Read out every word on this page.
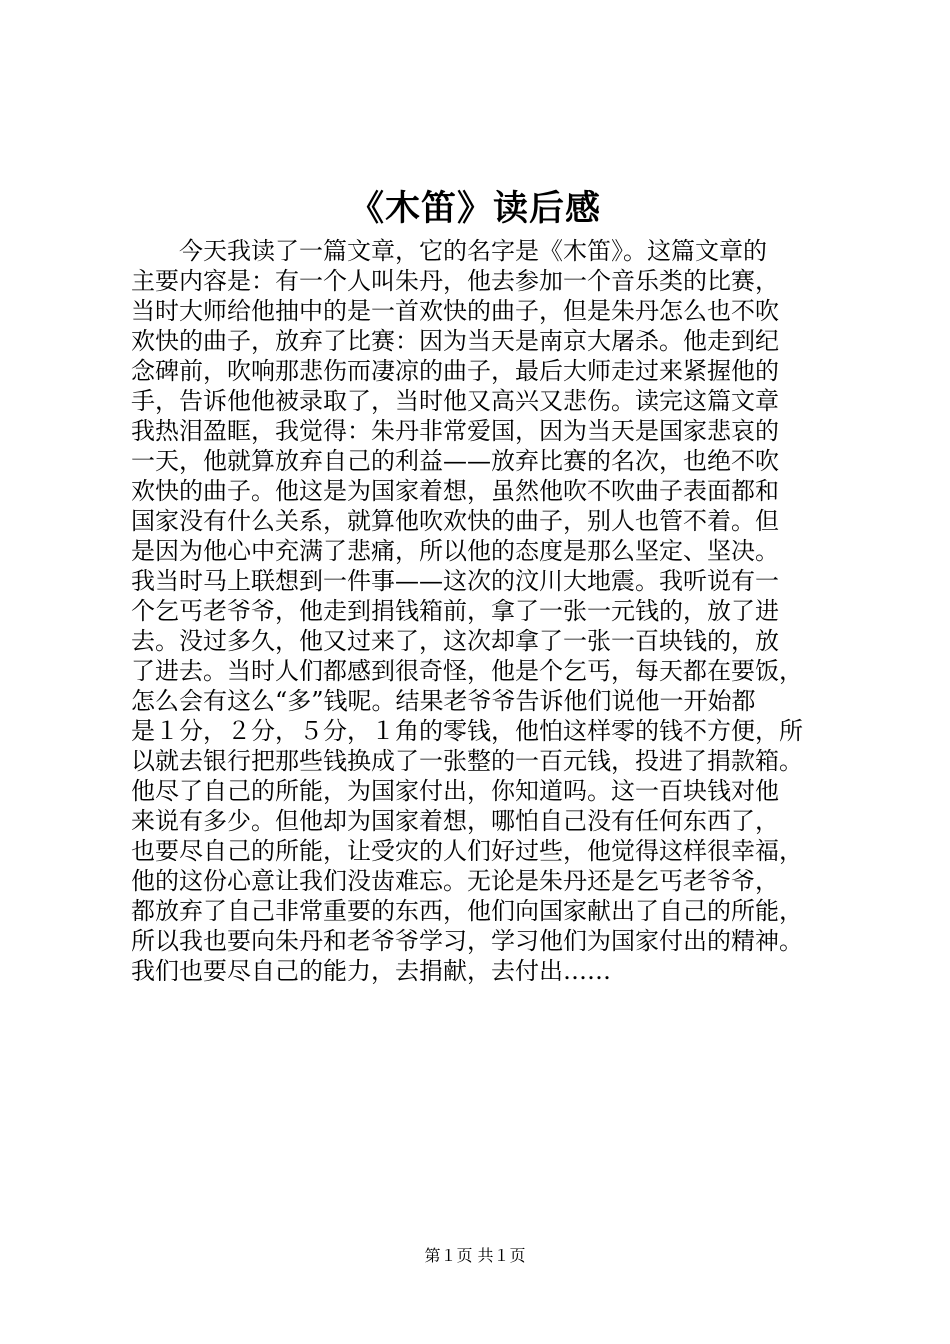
《木笛》读后感
今天我读了一篇文章，它的名字是《木笛》。这篇文章的
主要内容是：有一个人叫朱丹，他去参加一个音乐类的比赛，
当时大师给他抽中的是一首欢快的曲子，但是朱丹怎么也不吹
欢快的曲子，放弃了比赛：因为当天是南京大屠杀。他走到纪
念碑前，吹响那悲伤而凄凉的曲子，最后大师走过来紧握他的
手，告诉他他被录取了，当时他又高兴又悲伤。读完这篇文章
我热泪盈眶，我觉得：朱丹非常爱国，因为当天是国家悲哀的
一天，他就算放弃自己的利益——放弃比赛的名次，也绝不吹
欢快的曲子。他这是为国家着想，虽然他吹不吹曲子表面都和
国家没有什么关系，就算他吹欢快的曲子，别人也管不着。但
是因为他心中充满了悲痛，所以他的态度是那么坚定、坚决。
我当时马上联想到一件事——这次的汶川大地震。我听说有一
个乞丐老爷爷，他走到捐钱箱前，拿了一张一元钱的，放了进
去。没过多久，他又过来了，这次却拿了一张一百块钱的，放
了进去。当时人们都感到很奇怪，他是个乞丐，每天都在要饭，
怎么会有这么“多”钱呢。结果老爷爷告诉他们说他一开始都
是１分，２分，５分，１角的零钱，他怕这样零的钱不方便，所
以就去银行把那些钱换成了一张整的一百元钱，投进了捐款箱。
他尽了自己的所能，为国家付出，你知道吗。这一百块钱对他
来说有多少。但他却为国家着想，哪怕自己没有任何东西了，
也要尽自己的所能，让受灾的人们好过些，他觉得这样很幸福，
他的这份心意让我们没齿难忘。无论是朱丹还是乞丐老爷爷，
都放弃了自己非常重要的东西，他们向国家献出了自己的所能，
所以我也要向朱丹和老爷爷学习，学习他们为国家付出的精神。
我们也要尽自己的能力，去捐献，去付出……
第１页 共１页
